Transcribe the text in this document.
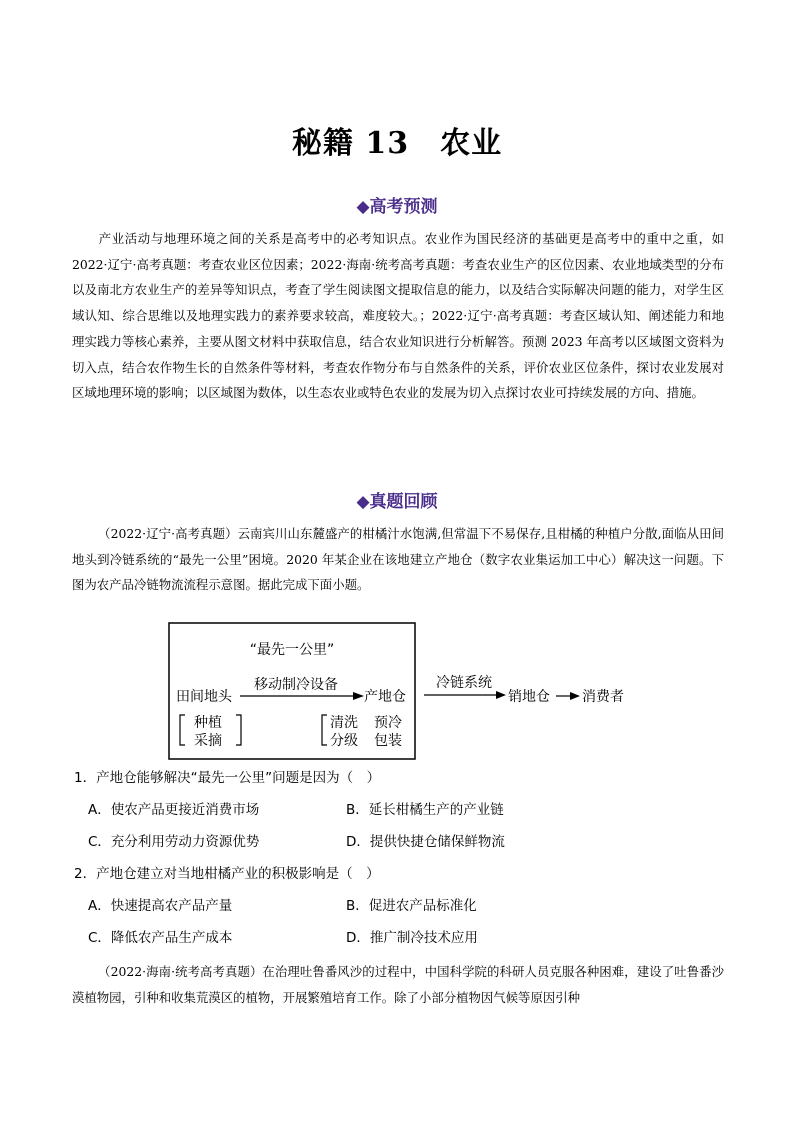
秘籍 13　农业
◆高考预测

产业活动与地理环境之间的关系是高考中的必考知识点。农业作为国民经济的基础更是高考中的重中之重，如 2022·辽宁·高考真题：考查农业区位因素；2022·海南·统考高考真题：考查农业生产的区位因素、农业地域类型的分布以及南北方农业生产的差异等知识点，考查了学生阅读图文提取信息的能力，以及结合实际解决问题的能力，对学生区域认知、综合思维以及地理实践力的素养要求较高，难度较大。；2022·辽宁·高考真题：考查区域认知、阐述能力和地理实践力等核心素养，主要从图文材料中获取信息，结合农业知识进行分析解答。预测 2023 年高考以区域图文资料为切入点，结合农作物生长的自然条件等材料，考查农作物分布与自然条件的关系，评价农业区位条件，探讨农业发展对区域地理环境的影响；以区域图为数体，以生态农业或特色农业的发展为切入点探讨农业可持续发展的方向、措施。

◆真题回顾

（2022·辽宁·高考真题）云南宾川山东麓盛产的柑橘汁水饱满,但常温下不易保存,且柑橘的种植户分散,面临从田间地头到冷链系统的“最先一公里”困境。2020 年某企业在该地建立产地仓（数字农业集运加工中心）解决这一问题。下图为农产品冷链物流流程示意图。据此完成下面小题。

“最先一公里”
田间地头
移动制冷设备
产地仓
种植
采摘
清洗 预冷
分级 包装
冷链系统
销地仓 消费者
1．产地仓能够解决“最先一公里”问题是因为（　）
A．使农产品更接近消费市场	B．延长柑橘生产的产业链
C．充分利用劳动力资源优势	D．提供快捷仓储保鲜物流
2．产地仓建立对当地柑橘产业的积极影响是（　）
A．快速提高农产品产量	B．促进农产品标准化
C．降低农产品生产成本	D．推广制冷技术应用

（2022·海南·统考高考真题）在治理吐鲁番风沙的过程中，中国科学院的科研人员克服各种困难，建设了吐鲁番沙漠植物园，引种和收集荒漠区的植物，开展繁殖培育工作。除了小部分植物因气候等原因引种
